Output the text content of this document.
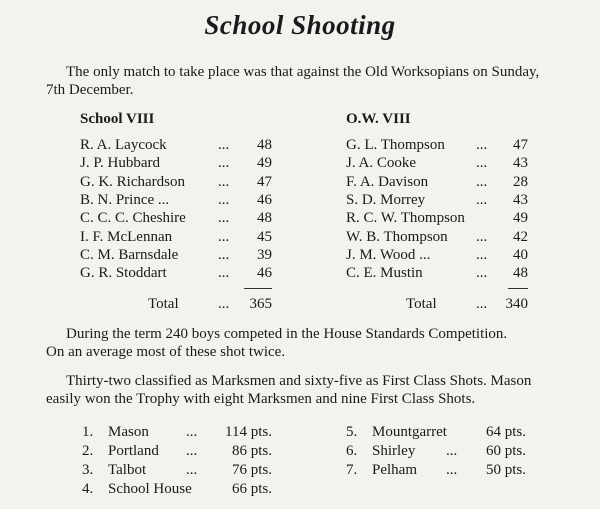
School Shooting
The only match to take place was that against the Old Worksopians on Sunday,
7th December.
School VIII
R. A. Laycock	...	48
J. P. Hubbard	...	49
G. K. Richardson ...	47
B. N. Prince ...	...	46
C. C. C. Cheshire ...	48
I. F. McLennan	...	45
C. M. Barnsdale	...	39
G. R. Stoddart	...	46
Total	...	365
O.W. VIII
G. L. Thompson ...	47
J. A. Cooke	...	43
F. A. Davison	...	28
S. D. Morrey	...	43
R. C. W. Thompson	49
W. B. Thompson ...	42
J. M. Wood ...	...	40
C. E. Mustin	...	48
Total	...	340
During the term 240 boys competed in the House Standards Competition.
On an average most of these shot twice.
Thirty-two classified as Marksmen and sixty-five as First Class Shots. Mason
easily won the Trophy with eight Marksmen and nine First Class Shots.
1. Mason ...	114 pts.
2. Portland ...	86 pts.
3. Talbot	...	76 pts.
4. School House	66 pts.
5. Mountgarret	64 pts.
6. Shirley ...	60 pts.
7. Pelham ...	50 pts.
